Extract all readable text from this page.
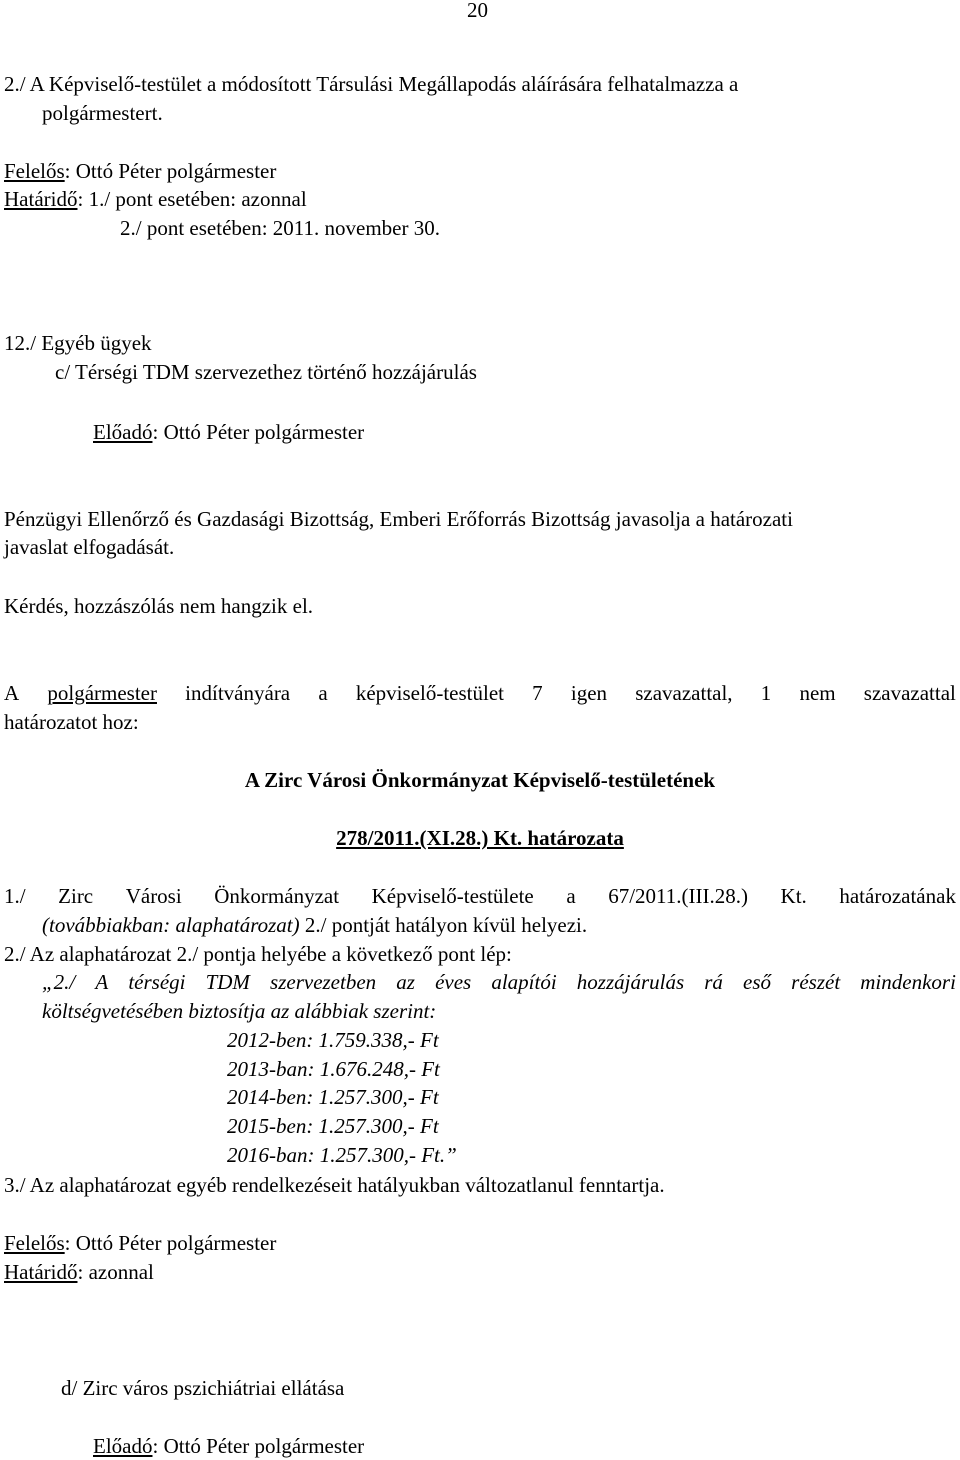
20
2./ A Képviselő-testület a módosított Társulási Megállapodás aláírására felhatalmazza a
polgármestert.
Felelős: Ottó Péter polgármester
Határidő: 1./ pont esetében: azonnal
2./ pont esetében: 2011. november 30.
12./ Egyéb ügyek
c/ Térségi TDM szervezethez történő hozzájárulás
Előadó: Ottó Péter polgármester
Pénzügyi Ellenőrző és Gazdasági Bizottság, Emberi Erőforrás Bizottság javasolja a határozati
javaslat elfogadását.
Kérdés, hozzászólás nem hangzik el.
A polgármester indítványára a képviselő-testület 7 igen szavazattal, 1 nem szavazattal
határozatot hoz:
A Zirc Városi Önkormányzat Képviselő-testületének
278/2011.(XI.28.) Kt. határozata
1./ Zirc Városi Önkormányzat Képviselő-testülete a 67/2011.(III.28.) Kt. határozatának
(továbbiakban: alaphatározat) 2./ pontját hatályon kívül helyezi.
2./ Az alaphatározat 2./ pontja helyébe a következő pont lép:
„2./ A térségi TDM szervezetben az éves alapítói hozzájárulás rá eső részét mindenkori
költségvetésében biztosítja az alábbiak szerint:
2012-ben: 1.759.338,- Ft
2013-ban: 1.676.248,- Ft
2014-ben: 1.257.300,- Ft
2015-ben: 1.257.300,- Ft
2016-ban: 1.257.300,- Ft.”
3./ Az alaphatározat egyéb rendelkezéseit hatályukban változatlanul fenntartja.
Felelős: Ottó Péter polgármester
Határidő: azonnal
d/ Zirc város pszichiátriai ellátása
Előadó: Ottó Péter polgármester
